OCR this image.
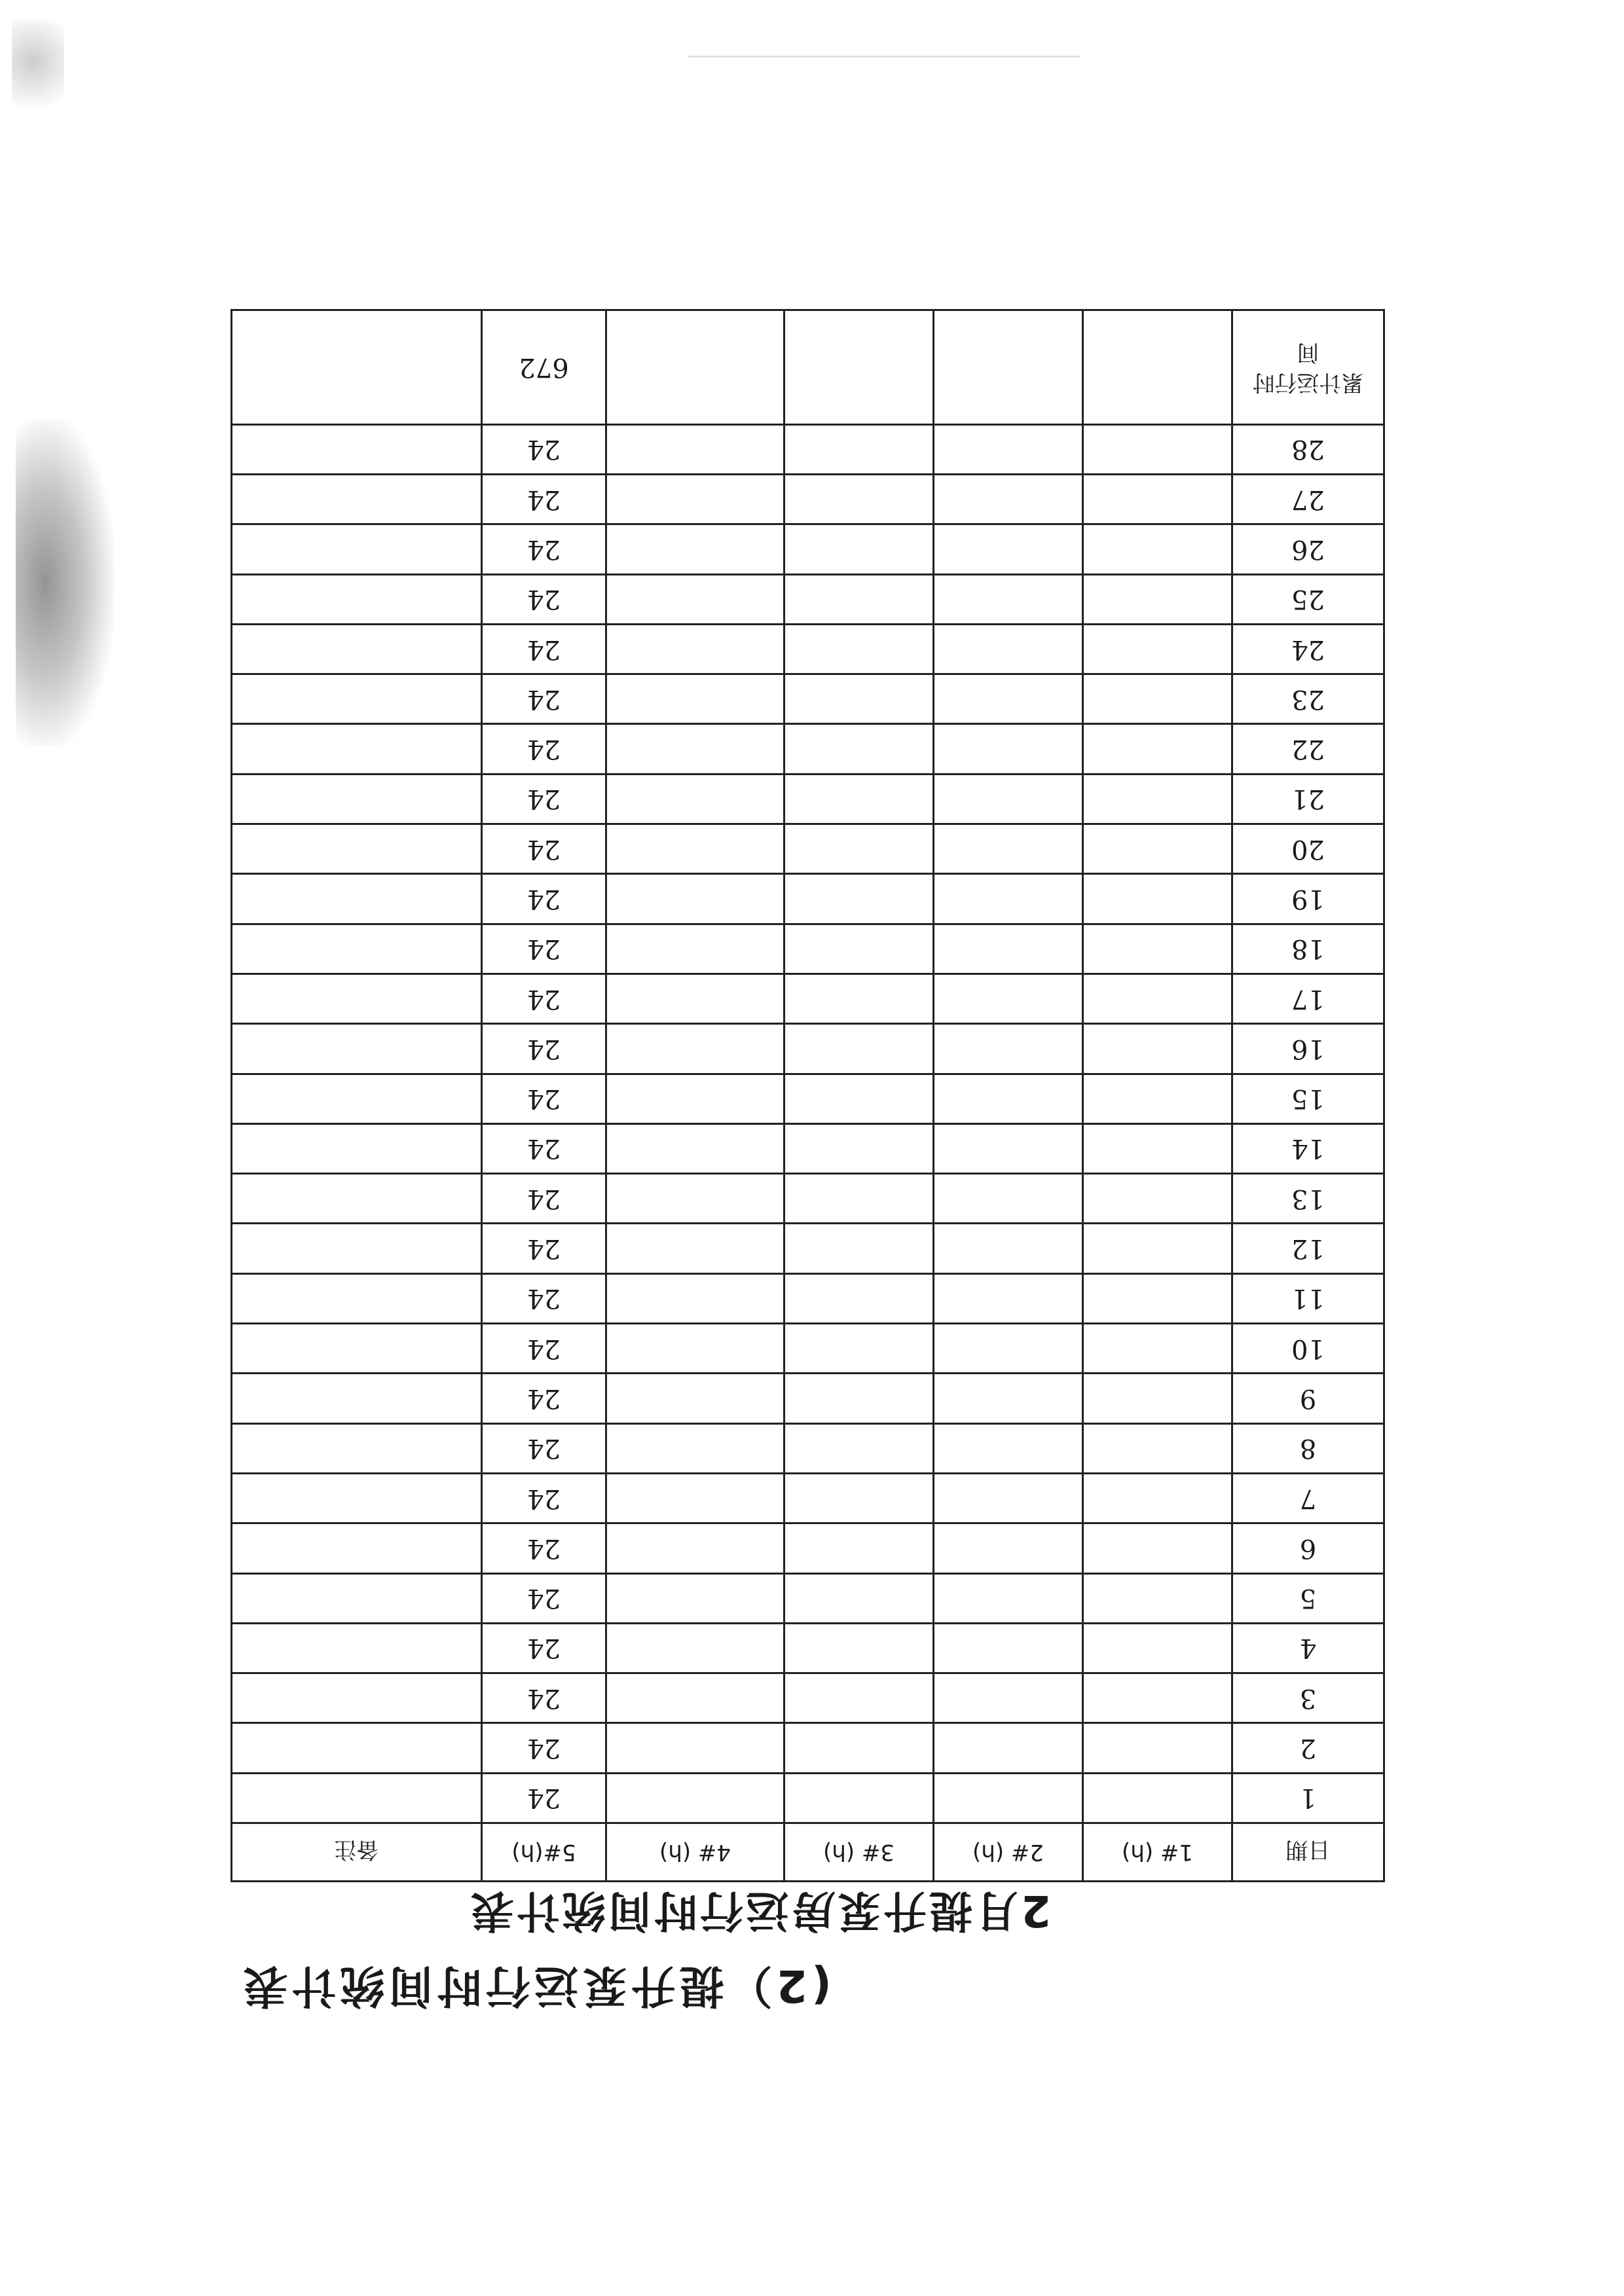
(2）提升泵运行时间统计表
2月提升泵房运行时间统计表
日期	1# (h)	2# (h)	3# (h)	4# (h)	5#(h)	备注
1					24	
2					24	
3					24	
4					24	
5					24	
6					24	
7					24	
8					24	
9					24	
10					24	
11					24	
12					24	
13					24	
14					24	
15					24	
16					24	
17					24	
18					24	
19					24	
20					24	
21					24	
22					24	
23					24	
24					24	
25					24	
26					24	
27					24	
28					24	
累计运行时间					672	
